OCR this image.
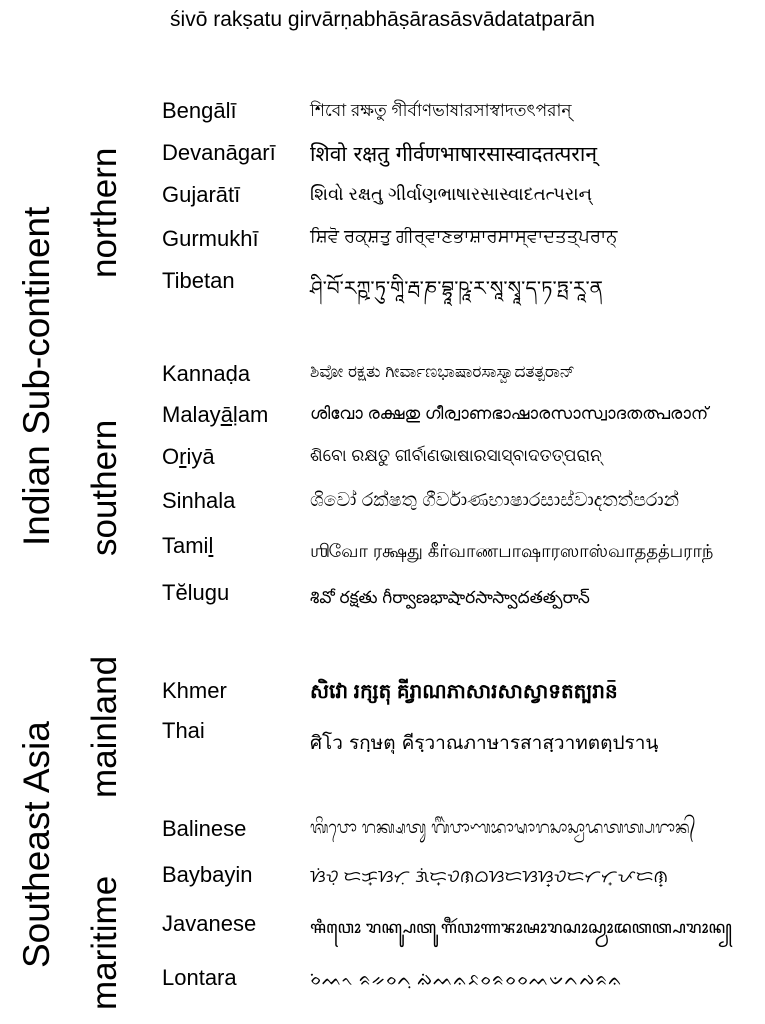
śivō rakṣatu girvārṇabhāṣārasāsvādatatparān
Indian Sub-continent
Southeast Asia
northern
southern
mainland
maritime
Bengālī
Devanāgarī
Gujarātī
Gurmukhī
Tibetan
Kannaḍa
Malayāḷam
Oriyā
Sinhala
Tamil
Tĕlugu
Khmer
Thai
Balinese
Baybayin
Javanese
Lontara
শিবো রক্ষতু গীর্বাণভাষারসাস্বাদতৎপরান্
शिवो रक्षतु गीर्वणभाषारसास्वादतत्परान्
શિવો રક્ષતુ ગીર્વાણભાષારસાસ્વાદતત્પરાન્
ਸ਼ਿਵੋ ਰਕ੍ਸ਼ਤੁ ਗੀਰ੍ਵਾਣਭਾਸ਼ਾਰਸਾਸ੍ਵਾਦਤਤ੍ਪਰਾਨ੍
ཤི་བོ་རཀྵ་ཏུ་གཱི་རྦ་ཎ་བྷཱ་ཥཱ་ར་སཱ་སྭཱ་ད་ཏ་ཏྤ་རཱ་ན
ಶಿವೋ ರಕ್ಷತು ಗೀರ್ವಾಣಭಾಷಾರಸಾಸ್ವಾದತತ್ಪರಾನ್
ശിവോ രക്ഷതു ഗീര്വാണഭാഷാരസാസ്വാദതത്പരാന്
ଶିବୋ ରକ୍ଷତୁ ଗୀର୍ବାଣଭାଷାରସାସ୍ବାଦତତ୍ପରାନ୍
ශිවෝ රක්ෂතු ගීර්වාණභාෂාරසාස්වාදතත්පරාන්
ஶிவோ ரக்ஷது கீர்வாணபாஷாரஸாஸ்வாததத்பராந்
శివో రక్షతు గీర్వాణభాషారసాస్వాదతత్పరాన్
សិវោ រក្សតុ គីរ្វាណភាសារសាស្វាទតត្បរាន៑
ศิโว รกฺษตุ คีรฺวาณภาษารสาสฺวาทตตฺปรานฺ
ᬰᬶᬯᭀ ᬭᬓ᭄ᬱᬢᬸ ᬕᬷᬃᬯᬵᬡᬪᬵᬱᬵᬭᬲᬵᬲ᭄ᬯᬵᬤᬢᬢ᭄ᬧᬭᬵᬦ᭄
ᜐᜒᜏᜓ ᜇᜃ᜔ᜐᜆᜓ ᜄᜒᜇ᜔ᜏᜈᜊᜐᜇᜐᜐ᜔ᜏᜇᜆᜆ᜔ᜉᜇᜈ᜔
ꦯꦶꦮꦺꦴ ꦫꦏ꧀ꦰꦠꦸ ꦒꦷꦂꦮꦴꦟꦨꦴꦰꦴꦫꦱꦴꦱ꧀ꦮꦴꦢꦠꦠ꧀ꦥꦫꦴꦤ꧀
ᨔᨗᨓᨚ ᨑᨀᨔᨈᨘ ᨁᨗᨓᨊᨅᨔᨑᨔᨔᨓᨉᨈᨄᨑᨊ
